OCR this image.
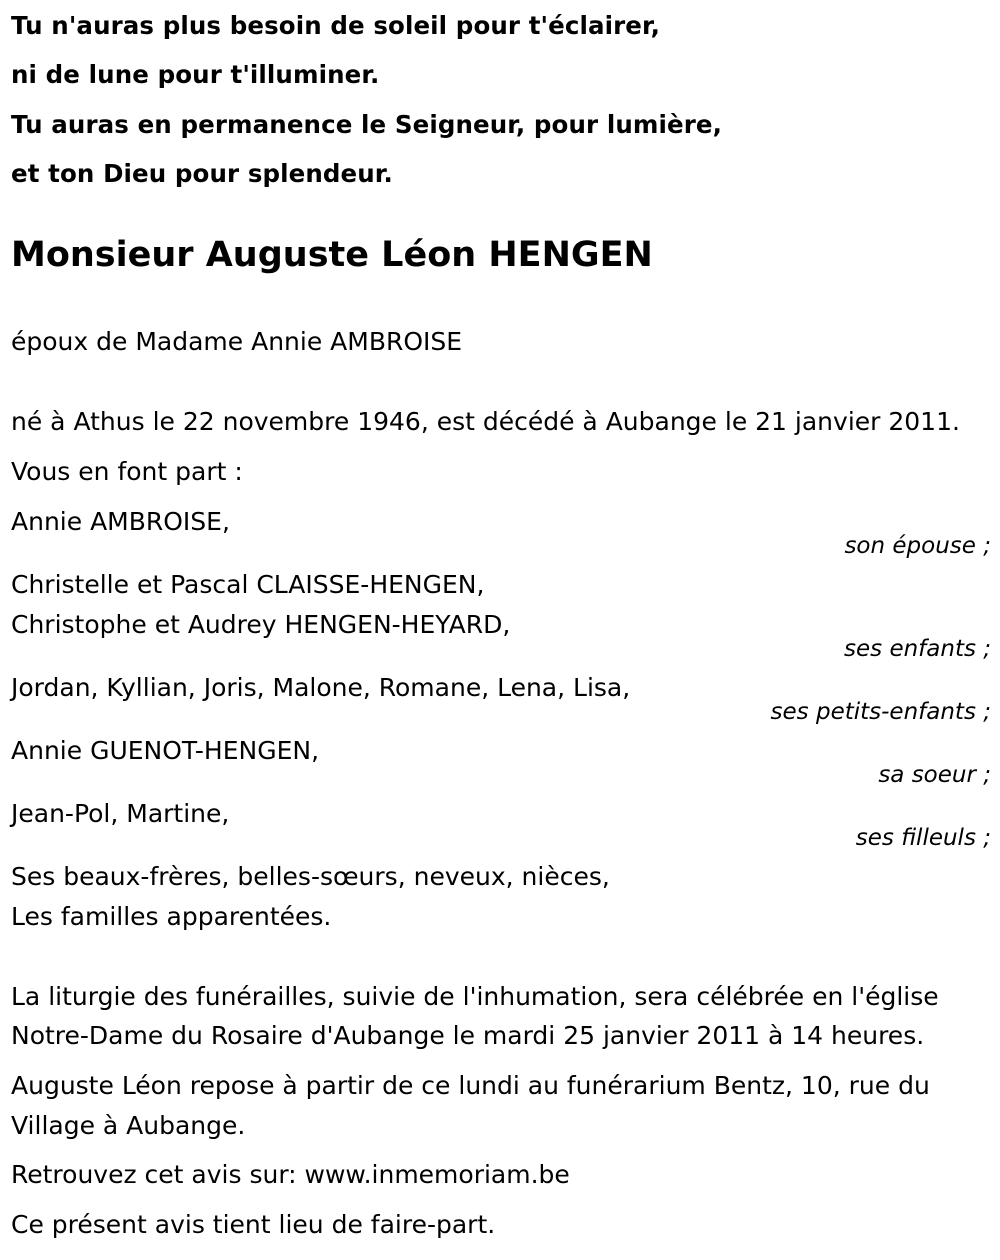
Tu n'auras plus besoin de soleil pour t'éclairer,
ni de lune pour t'illuminer.
Tu auras en permanence le Seigneur, pour lumière,
et ton Dieu pour splendeur.
Monsieur Auguste Léon HENGEN
époux de Madame Annie AMBROISE
né à Athus le 22 novembre 1946, est décédé à Aubange le 21 janvier 2011.
Vous en font part :
Annie AMBROISE,
son épouse ;
Christelle et Pascal CLAISSE-HENGEN,
Christophe et Audrey HENGEN-HEYARD,
ses enfants ;
Jordan, Kyllian, Joris, Malone, Romane, Lena, Lisa,
ses petits-enfants ;
Annie GUENOT-HENGEN,
sa soeur ;
Jean-Pol, Martine,
ses filleuls ;
Ses beaux-frères, belles-sœurs, neveux, nièces,
Les familles apparentées.
La liturgie des funérailles, suivie de l'inhumation, sera célébrée en l'église
Notre-Dame du Rosaire d'Aubange le mardi 25 janvier 2011 à 14 heures.
Auguste Léon repose à partir de ce lundi au funérarium Bentz, 10, rue du
Village à Aubange.
Retrouvez cet avis sur: www.inmemoriam.be
Ce présent avis tient lieu de faire-part.
